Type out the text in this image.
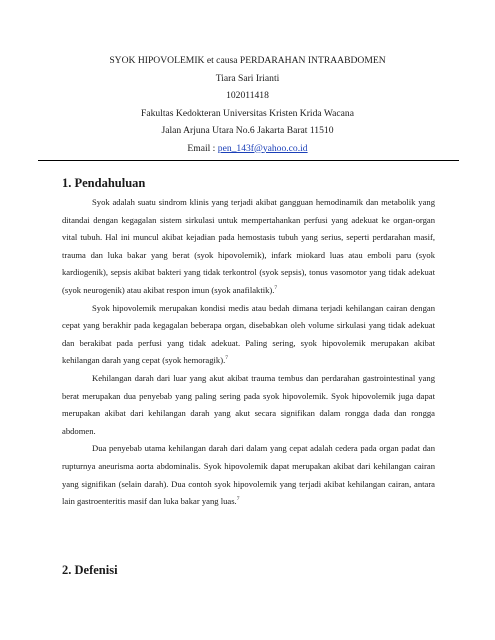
SYOK HIPOVOLEMIK et causa PERDARAHAN INTRAABDOMEN
Tiara Sari Irianti
102011418
Fakultas Kedokteran Universitas Kristen Krida Wacana
Jalan Arjuna Utara No.6 Jakarta Barat 11510
Email : pen_143f@yahoo.co.id
1. Pendahuluan

Syok adalah suatu sindrom klinis yang terjadi akibat gangguan hemodinamik dan metabolik yang ditandai dengan kegagalan sistem sirkulasi untuk mempertahankan perfusi yang adekuat ke organ-organ vital tubuh. Hal ini muncul akibat kejadian pada hemostasis tubuh yang serius, seperti perdarahan masif, trauma dan luka bakar yang berat (syok hipovolemik), infark miokard luas atau emboli paru (syok kardiogenik), sepsis akibat bakteri yang tidak terkontrol (syok sepsis), tonus vasomotor yang tidak adekuat (syok neurogenik) atau akibat respon imun (syok anafilaktik).$^7$

Syok hipovolemik merupakan kondisi medis atau bedah dimana terjadi kehilangan cairan dengan cepat yang berakhir pada kegagalan beberapa organ, disebabkan oleh volume sirkulasi yang tidak adekuat dan berakibat pada perfusi yang tidak adekuat. Paling sering, syok hipovolemik merupakan akibat kehilangan darah yang cepat (syok hemoragik).$^7$

Kehilangan darah dari luar yang akut akibat trauma tembus dan perdarahan gastrointestinal yang berat merupakan dua penyebab yang paling sering pada syok hipovolemik. Syok hipovolemik juga dapat merupakan akibat dari kehilangan darah yang akut secara signifikan dalam rongga dada dan rongga abdomen.

Dua penyebab utama kehilangan darah dari dalam yang cepat adalah cedera pada organ padat dan rupturnya aneurisma aorta abdominalis. Syok hipovolemik dapat merupakan akibat dari kehilangan cairan yang signifikan (selain darah). Dua contoh syok hipovolemik yang terjadi akibat kehilangan cairan, antara lain gastroenteritis masif dan luka bakar yang luas.$^7$

2. Defenisi
